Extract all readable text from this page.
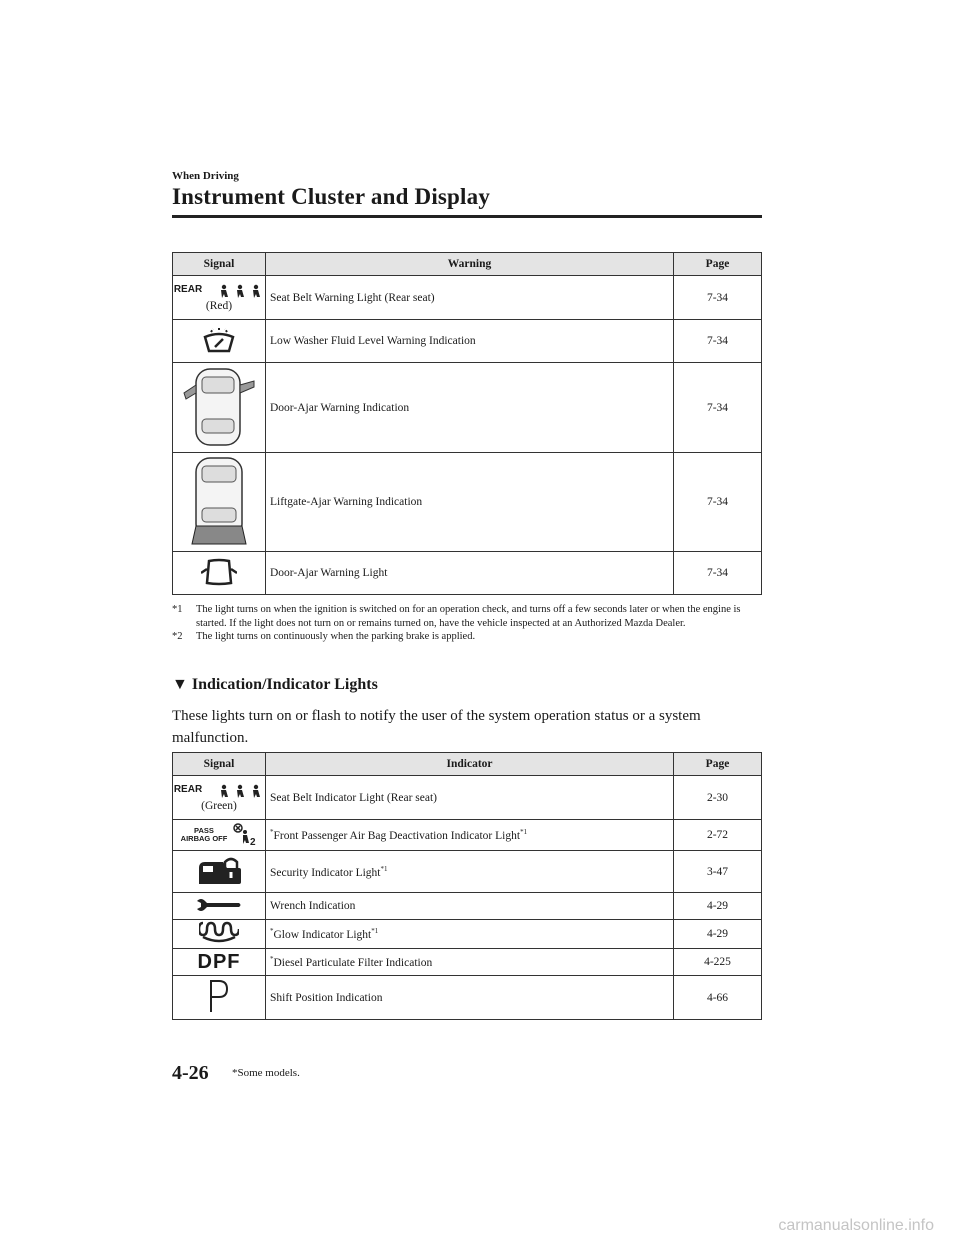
When Driving
Instrument Cluster and Display
Signal	Warning	Page

REAR
(Red)	Seat Belt Warning Light (Rear seat)	7-34
	Low Washer Fluid Level Warning Indication	7-34
	Door-Ajar Warning Indication	7-34
	Liftgate-Ajar Warning Indication	7-34
	Door-Ajar Warning Light	7-34
*1	The light turns on when the ignition is switched on for an operation check, and turns off a few seconds later or when the engine is started. If the light does not turn on or remains turned on, have the vehicle inspected at an Authorized Mazda Dealer.
*2	The light turns on continuously when the parking brake is applied.
▼ Indication/Indicator Lights
These lights turn on or flash to notify the user of the system operation status or a system malfunction.
Signal	Indicator	Page

REAR
(Green)	Seat Belt Indicator Light (Rear seat)	2-30

PASS
AIRBAG OFF 2	*Front Passenger Air Bag Deactivation Indicator Light$^{*1}$	2-72
	Security Indicator Light$^{*1}$	3-47
	Wrench Indication	4-29
	*Glow Indicator Light$^{*1}$	4-29
DPF	*Diesel Particulate Filter Indication	4-225
	Shift Position Indication	4-66
4-26 *Some models.
carmanualsonline.info
